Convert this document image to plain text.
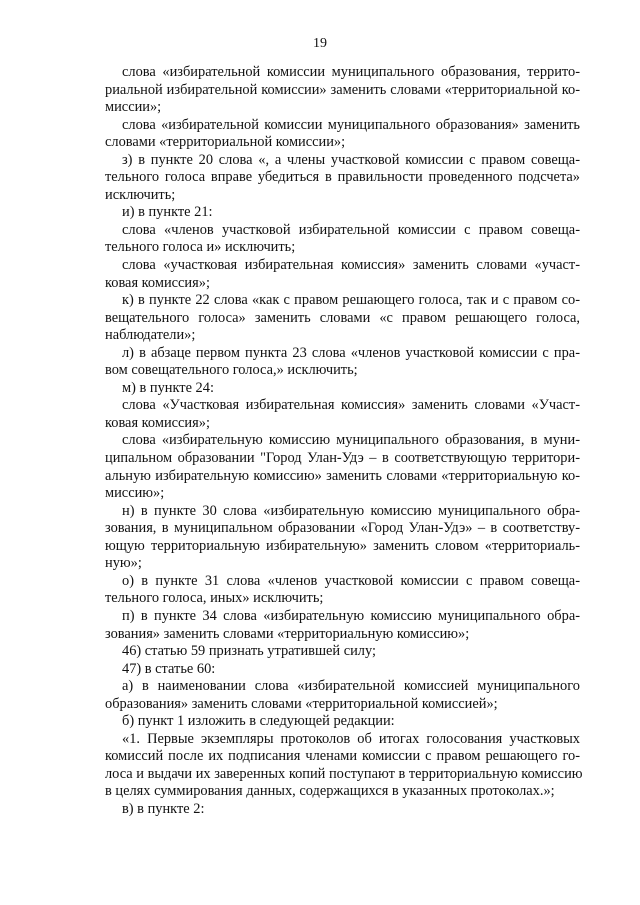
19
слова «избирательной комиссии муниципального образования, террито-
риальной избирательной комиссии» заменить словами «территориальной ко-
миссии»;
слова «избирательной комиссии муниципального образования» заменить
словами «территориальной комиссии»;
з) в пункте 20 слова «, а члены участковой комиссии с правом совеща-
тельного голоса вправе убедиться в правильности проведенного подсчета»
исключить;
и) в пункте 21:
слова «членов участковой избирательной комиссии с правом совеща-
тельного голоса и» исключить;
слова «участковая избирательная комиссия» заменить словами «участ-
ковая комиссия»;
к) в пункте 22 слова «как с правом решающего голоса, так и с правом со-
вещательного голоса» заменить словами «с правом решающего голоса,
наблюдатели»;
л) в абзаце первом пункта 23 слова «членов участковой комиссии с пра-
вом совещательного голоса,» исключить;
м) в пункте 24:
слова «Участковая избирательная комиссия» заменить словами «Участ-
ковая комиссия»;
слова «избирательную комиссию муниципального образования, в муни-
ципальном образовании "Город Улан-Удэ – в соответствующую территори-
альную избирательную комиссию» заменить словами «территориальную ко-
миссию»;
н) в пункте 30 слова «избирательную комиссию муниципального обра-
зования, в муниципальном образовании «Город Улан-Удэ» – в соответству-
ющую территориальную избирательную» заменить словом «территориаль-
ную»;
о) в пункте 31 слова «членов участковой комиссии с правом совеща-
тельного голоса, иных» исключить;
п) в пункте 34 слова «избирательную комиссию муниципального обра-
зования» заменить словами «территориальную комиссию»;
46) статью 59 признать утратившей силу;
47) в статье 60:
а) в наименовании слова «избирательной комиссией муниципального
образования» заменить словами «территориальной комиссией»;
б) пункт 1 изложить в следующей редакции:
«1. Первые экземпляры протоколов об итогах голосования участковых
комиссий после их подписания членами комиссии с правом решающего го-
лоса и выдачи их заверенных копий поступают в территориальную комиссию
в целях суммирования данных, содержащихся в указанных протоколах.»;
в) в пункте 2:
